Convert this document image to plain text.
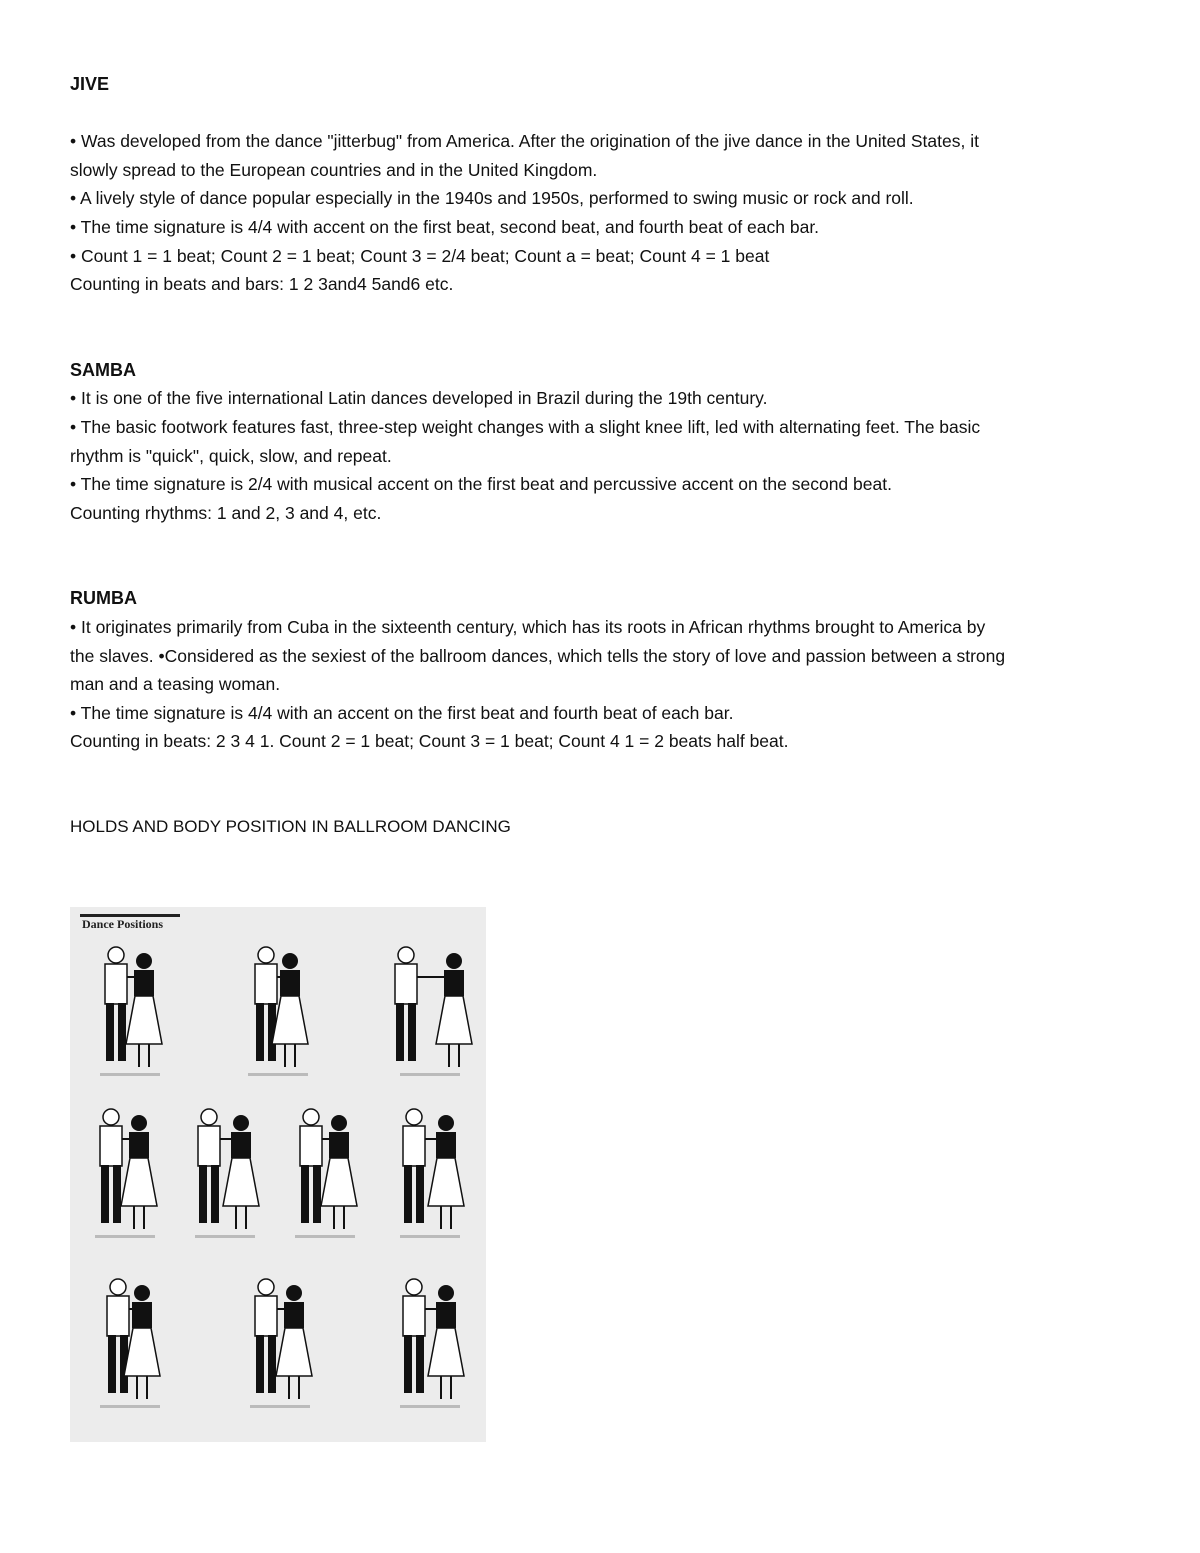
JIVE
• Was developed from the dance "jitterbug" from America. After the origination of the jive dance in the United States, it
slowly spread to the European countries and in the United Kingdom.
• A lively style of dance popular especially in the 1940s and 1950s, performed to swing music or rock and roll.
• The time signature is 4/4 with accent on the first beat, second beat, and fourth beat of each bar.
• Count 1 = 1 beat; Count 2 = 1 beat; Count 3 = 2/4 beat; Count a = beat; Count 4 = 1 beat
Counting in beats and bars: 1 2 3and4 5and6 etc.
SAMBA
• It is one of the five international Latin dances developed in Brazil during the 19th century.
• The basic footwork features fast, three-step weight changes with a slight knee lift, led with alternating feet. The basic
rhythm is "quick", quick, slow, and repeat.
• The time signature is 2/4 with musical accent on the first beat and percussive accent on the second beat.
Counting rhythms: 1 and 2, 3 and 4, etc.
RUMBA
• It originates primarily from Cuba in the sixteenth century, which has its roots in African rhythms brought to America by
the slaves. •Considered as the sexiest of the ballroom dances, which tells the story of love and passion between a strong
man and a teasing woman.
• The time signature is 4/4 with an accent on the first beat and fourth beat of each bar.
Counting in beats: 2 3 4 1. Count 2 = 1 beat; Count 3 = 1 beat; Count 4 1 = 2 beats half beat.
HOLDS AND BODY POSITION IN BALLROOM DANCING
Dance Positions
